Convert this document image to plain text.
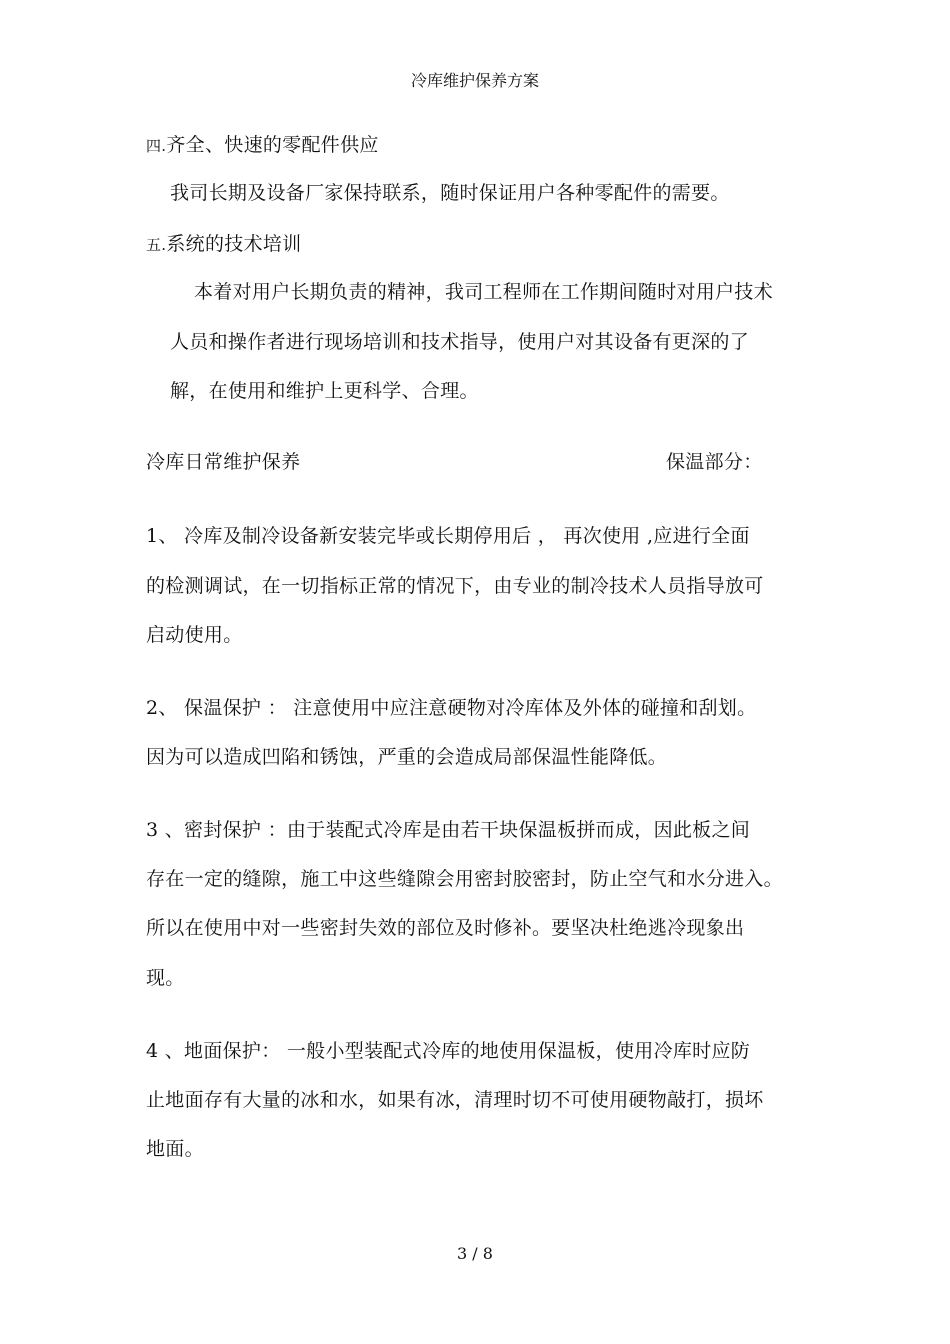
冷库维护保养方案
四.齐全、快速的零配件供应
我司长期及设备厂家保持联系，随时保证用户各种零配件的需要。
五.系统的技术培训
本着对用户长期负责的精神，我司工程师在工作期间随时对用户技术
人员和操作者进行现场培训和技术指导，使用户对其设备有更深的了
解，在使用和维护上更科学、合理。
冷库日常维护保养	保温部分：
1、 冷库及制冷设备新安装完毕或长期停用后 ， 再次使用 ,应进行全面
的检测调试，在一切指标正常的情况下，由专业的制冷技术人员指导放可
启动使用。
2、 保温保护 ： 注意使用中应注意硬物对冷库体及外体的碰撞和刮划。
因为可以造成凹陷和锈蚀，严重的会造成局部保温性能降低。
3 、密封保护 ：由于装配式冷库是由若干块保温板拼而成，因此板之间
存在一定的缝隙，施工中这些缝隙会用密封胶密封，防止空气和水分进入。
所以在使用中对一些密封失效的部位及时修补。要坚决杜绝逃冷现象出
现。
4 、地面保护： 一般小型装配式冷库的地使用保温板，使用冷库时应防
止地面存有大量的冰和水，如果有冰，清理时切不可使用硬物敲打，损坏
地面。
3 / 8
